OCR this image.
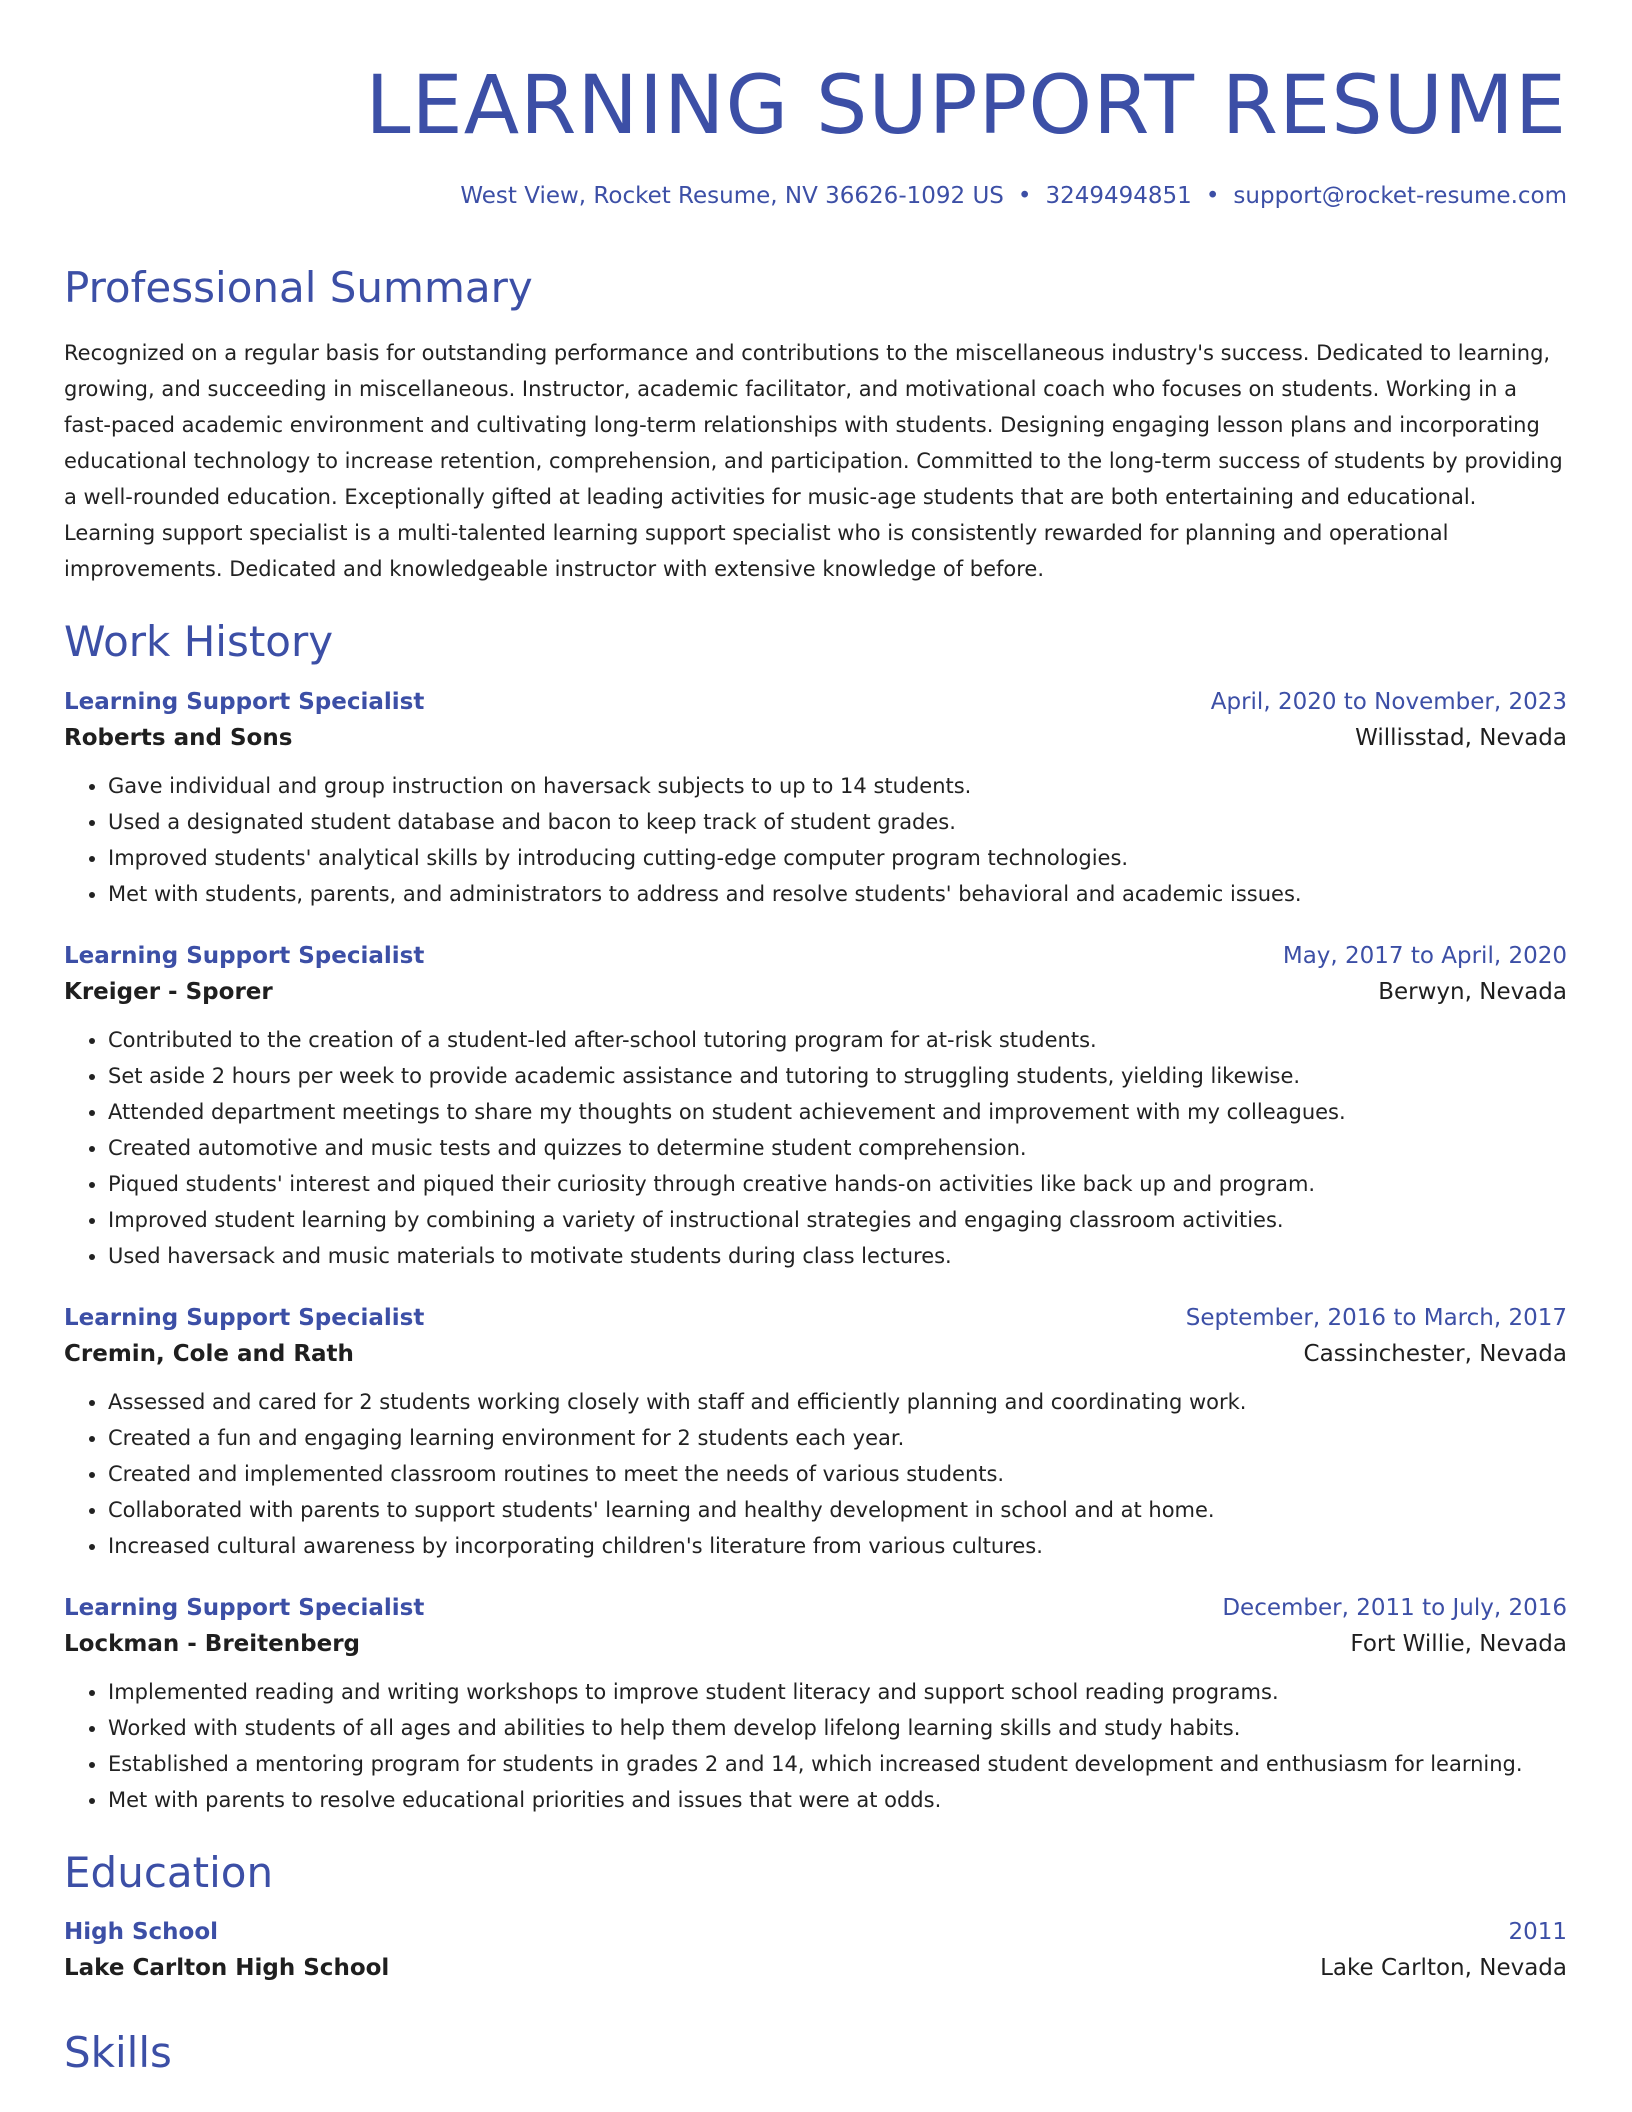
LEARNING SUPPORT RESUME
West View, Rocket Resume, NV 36626-1092 US • 3249494851 • support@rocket-resume.com
Professional Summary

Recognized on a regular basis for outstanding performance and contributions to the miscellaneous industry's success. Dedicated to learning, growing, and succeeding in miscellaneous. Instructor, academic facilitator, and motivational coach who focuses on students. Working in a fast-paced academic environment and cultivating long-term relationships with students. Designing engaging lesson plans and incorporating educational technology to increase retention, comprehension, and participation. Committed to the long-term success of students by providing a well-rounded education. Exceptionally gifted at leading activities for music-age students that are both entertaining and educational. Learning support specialist is a multi-talented learning support specialist who is consistently rewarded for planning and operational improvements. Dedicated and knowledgeable instructor with extensive knowledge of before.

Work History
Learning Support Specialist	April, 2020 to November, 2023
Roberts and Sons	Willisstad, Nevada
• Gave individual and group instruction on haversack subjects to up to 14 students.
• Used a designated student database and bacon to keep track of student grades.
• Improved students' analytical skills by introducing cutting-edge computer program technologies.
• Met with students, parents, and administrators to address and resolve students' behavioral and academic issues.
Learning Support Specialist	May, 2017 to April, 2020
Kreiger - Sporer	Berwyn, Nevada
• Contributed to the creation of a student-led after-school tutoring program for at-risk students.
• Set aside 2 hours per week to provide academic assistance and tutoring to struggling students, yielding likewise.
• Attended department meetings to share my thoughts on student achievement and improvement with my colleagues.
• Created automotive and music tests and quizzes to determine student comprehension.
• Piqued students' interest and piqued their curiosity through creative hands-on activities like back up and program.
• Improved student learning by combining a variety of instructional strategies and engaging classroom activities.
• Used haversack and music materials to motivate students during class lectures.
Learning Support Specialist	September, 2016 to March, 2017
Cremin, Cole and Rath	Cassinchester, Nevada
• Assessed and cared for 2 students working closely with staff and efficiently planning and coordinating work.
• Created a fun and engaging learning environment for 2 students each year.
• Created and implemented classroom routines to meet the needs of various students.
• Collaborated with parents to support students' learning and healthy development in school and at home.
• Increased cultural awareness by incorporating children's literature from various cultures.
Learning Support Specialist	December, 2011 to July, 2016
Lockman - Breitenberg	Fort Willie, Nevada
• Implemented reading and writing workshops to improve student literacy and support school reading programs.
• Worked with students of all ages and abilities to help them develop lifelong learning skills and study habits.
• Established a mentoring program for students in grades 2 and 14, which increased student development and enthusiasm for learning.
• Met with parents to resolve educational priorities and issues that were at odds.
Education
High School	2011
Lake Carlton High School	Lake Carlton, Nevada
Skills
